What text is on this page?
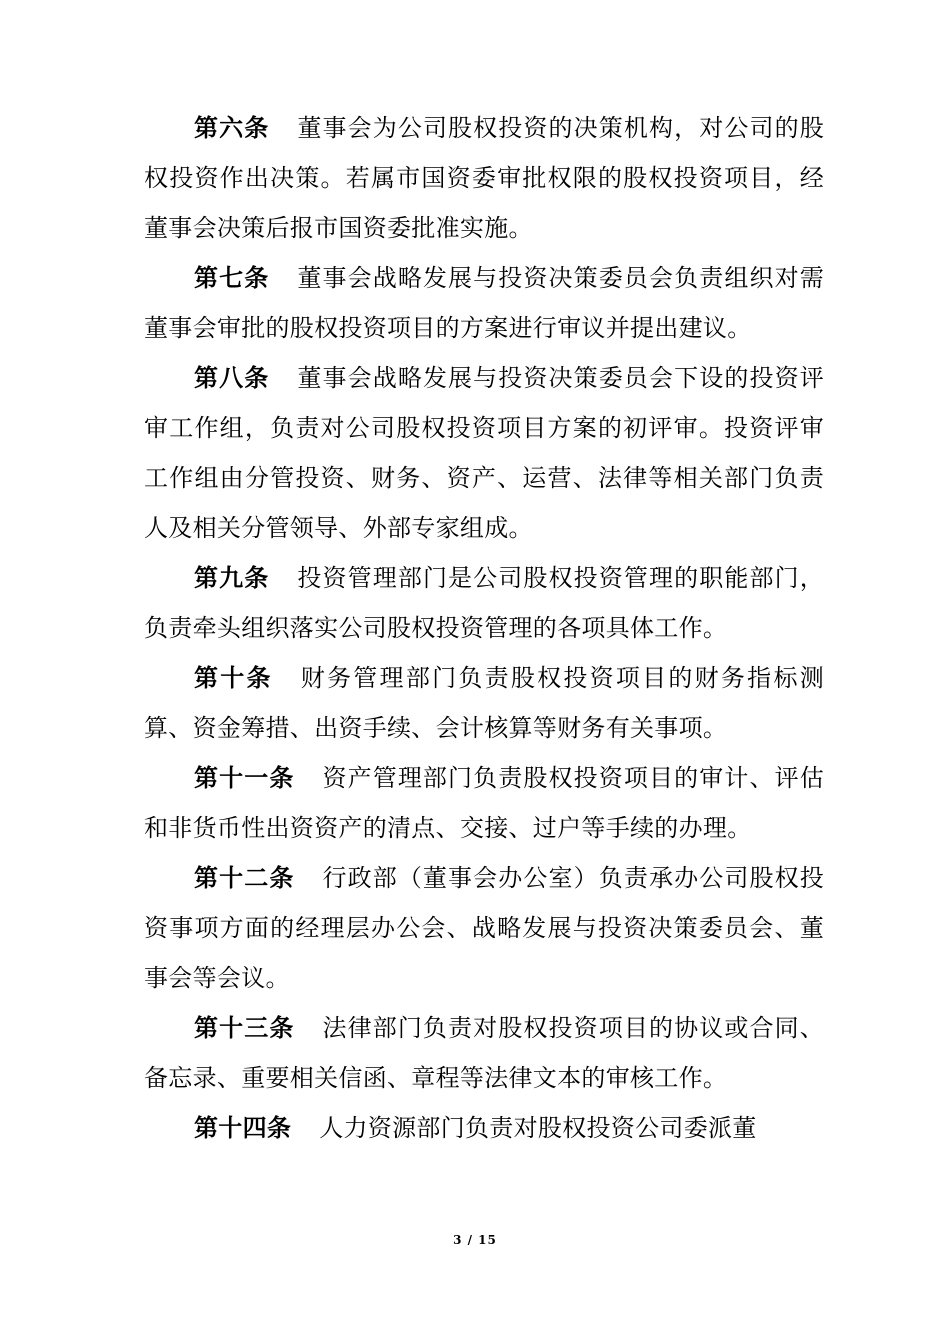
第六条 董事会为公司股权投资的决策机构，对公司的股权投资作出决策。若属市国资委审批权限的股权投资项目，经董事会决策后报市国资委批准实施。

第七条 董事会战略发展与投资决策委员会负责组织对需董事会审批的股权投资项目的方案进行审议并提出建议。

第八条 董事会战略发展与投资决策委员会下设的投资评审工作组，负责对公司股权投资项目方案的初评审。投资评审工作组由分管投资、财务、资产、运营、法律等相关部门负责人及相关分管领导、外部专家组成。

第九条 投资管理部门是公司股权投资管理的职能部门，负责牵头组织落实公司股权投资管理的各项具体工作。

第十条 财务管理部门负责股权投资项目的财务指标测算、资金筹措、出资手续、会计核算等财务有关事项。

第十一条 资产管理部门负责股权投资项目的审计、评估和非货币性出资资产的清点、交接、过户等手续的办理。

第十二条 行政部（董事会办公室）负责承办公司股权投资事项方面的经理层办公会、战略发展与投资决策委员会、董事会等会议。

第十三条 法律部门负责对股权投资项目的协议或合同、备忘录、重要相关信函、章程等法律文本的审核工作。

第十四条 人力资源部门负责对股权投资公司委派董

3 / 15
